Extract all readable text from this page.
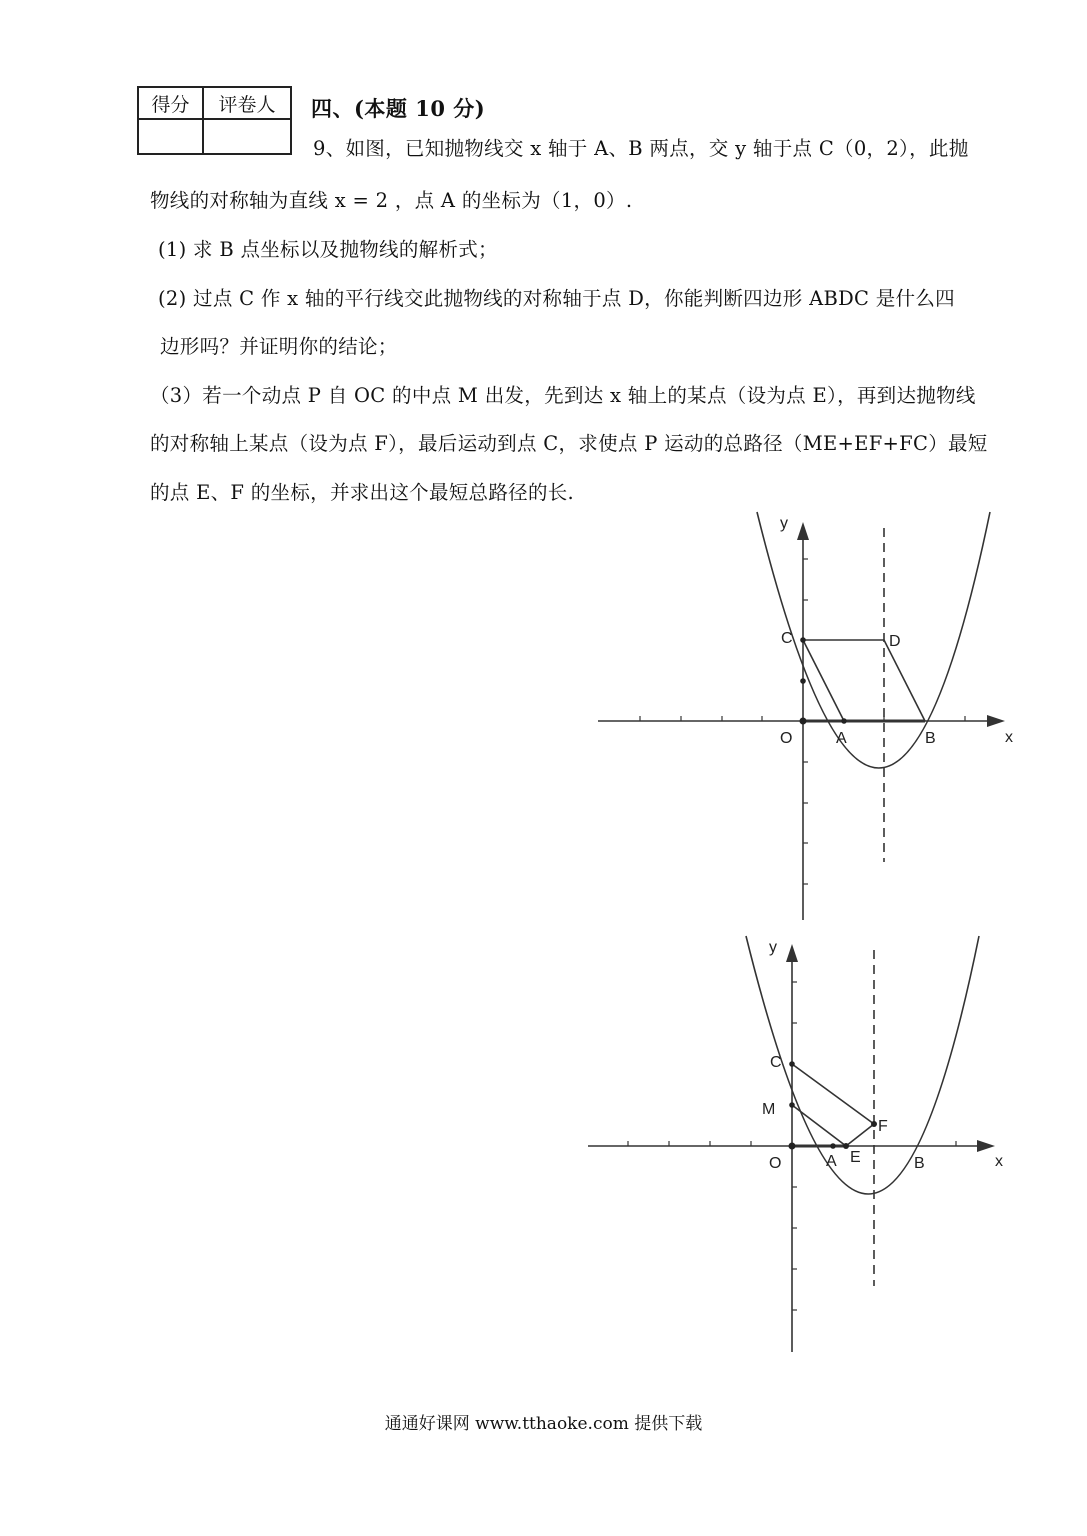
得分	评卷人
	四、(本题 10 分)
9、如图，已知抛物线交 x 轴于 A、B 两点，交 y 轴于点 C（0，2），此抛
物线的对称轴为直线 x = 2 ，点 A 的坐标为（1，0）.
(1) 求 B 点坐标以及抛物线的解析式；
(2) 过点 C 作 x 轴的平行线交此抛物线的对称轴于点 D，你能判断四边形 ABDC 是什么四
边形吗？并证明你的结论；
（3）若一个动点 P 自 OC 的中点 M 出发，先到达 x 轴上的某点（设为点 E），再到达抛物线
的对称轴上某点（设为点 F），最后运动到点 C，求使点 P 运动的总路径（ME+EF+FC）最短
的点 E、F 的坐标，并求出这个最短总路径的长.
y
x
O	A	B
C	D
y
x
O	A	B
C
M
E
F
通通好课网 www.tthaoke.com 提供下载
